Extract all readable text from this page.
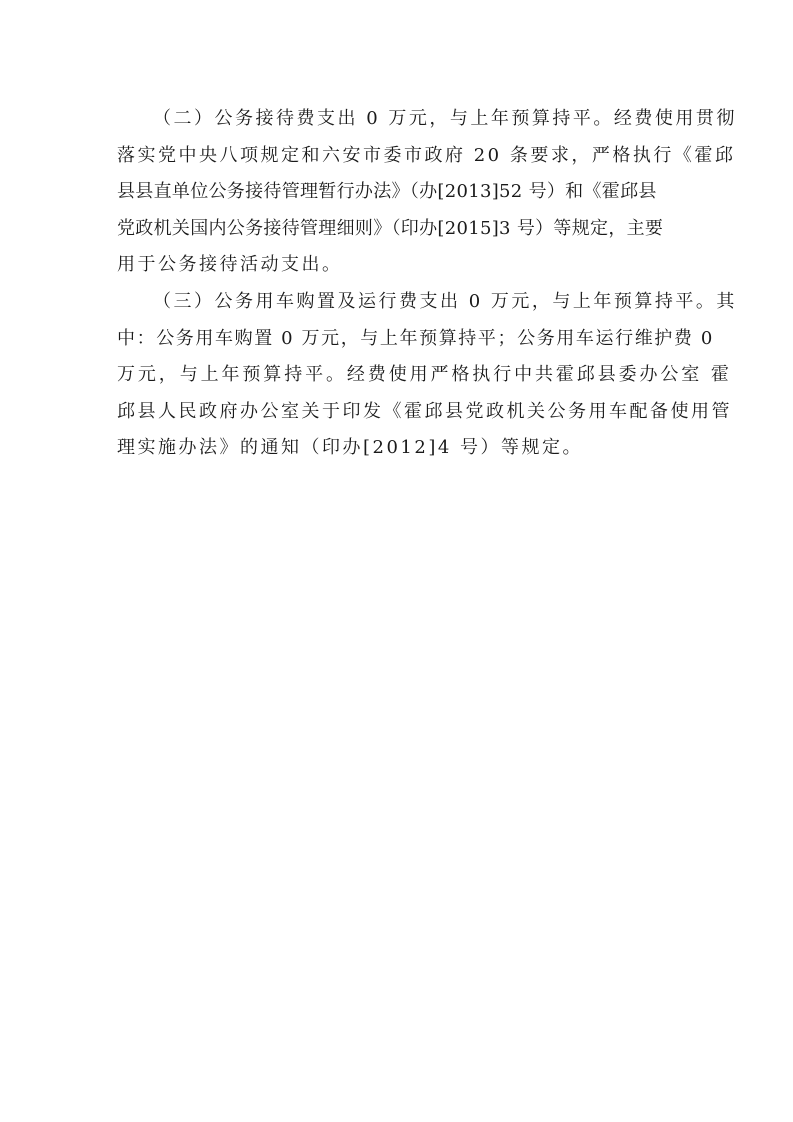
（二）公务接待费支出 0 万元，与上年预算持平。经费使用贯彻
落实党中央八项规定和六安市委市政府 20 条要求，严格执行《霍邱
县县直单位公务接待管理暂行办法》（办[2013]52 号）和《霍邱县
党政机关国内公务接待管理细则》（印办[2015]3 号）等规定，主要
用于公务接待活动支出。
（三）公务用车购置及运行费支出 0 万元，与上年预算持平。其
中：公务用车购置 0 万元，与上年预算持平；公务用车运行维护费 0
万元，与上年预算持平。经费使用严格执行中共霍邱县委办公室 霍
邱县人民政府办公室关于印发《霍邱县党政机关公务用车配备使用管
理实施办法》的通知（印办[2012]4 号）等规定。
